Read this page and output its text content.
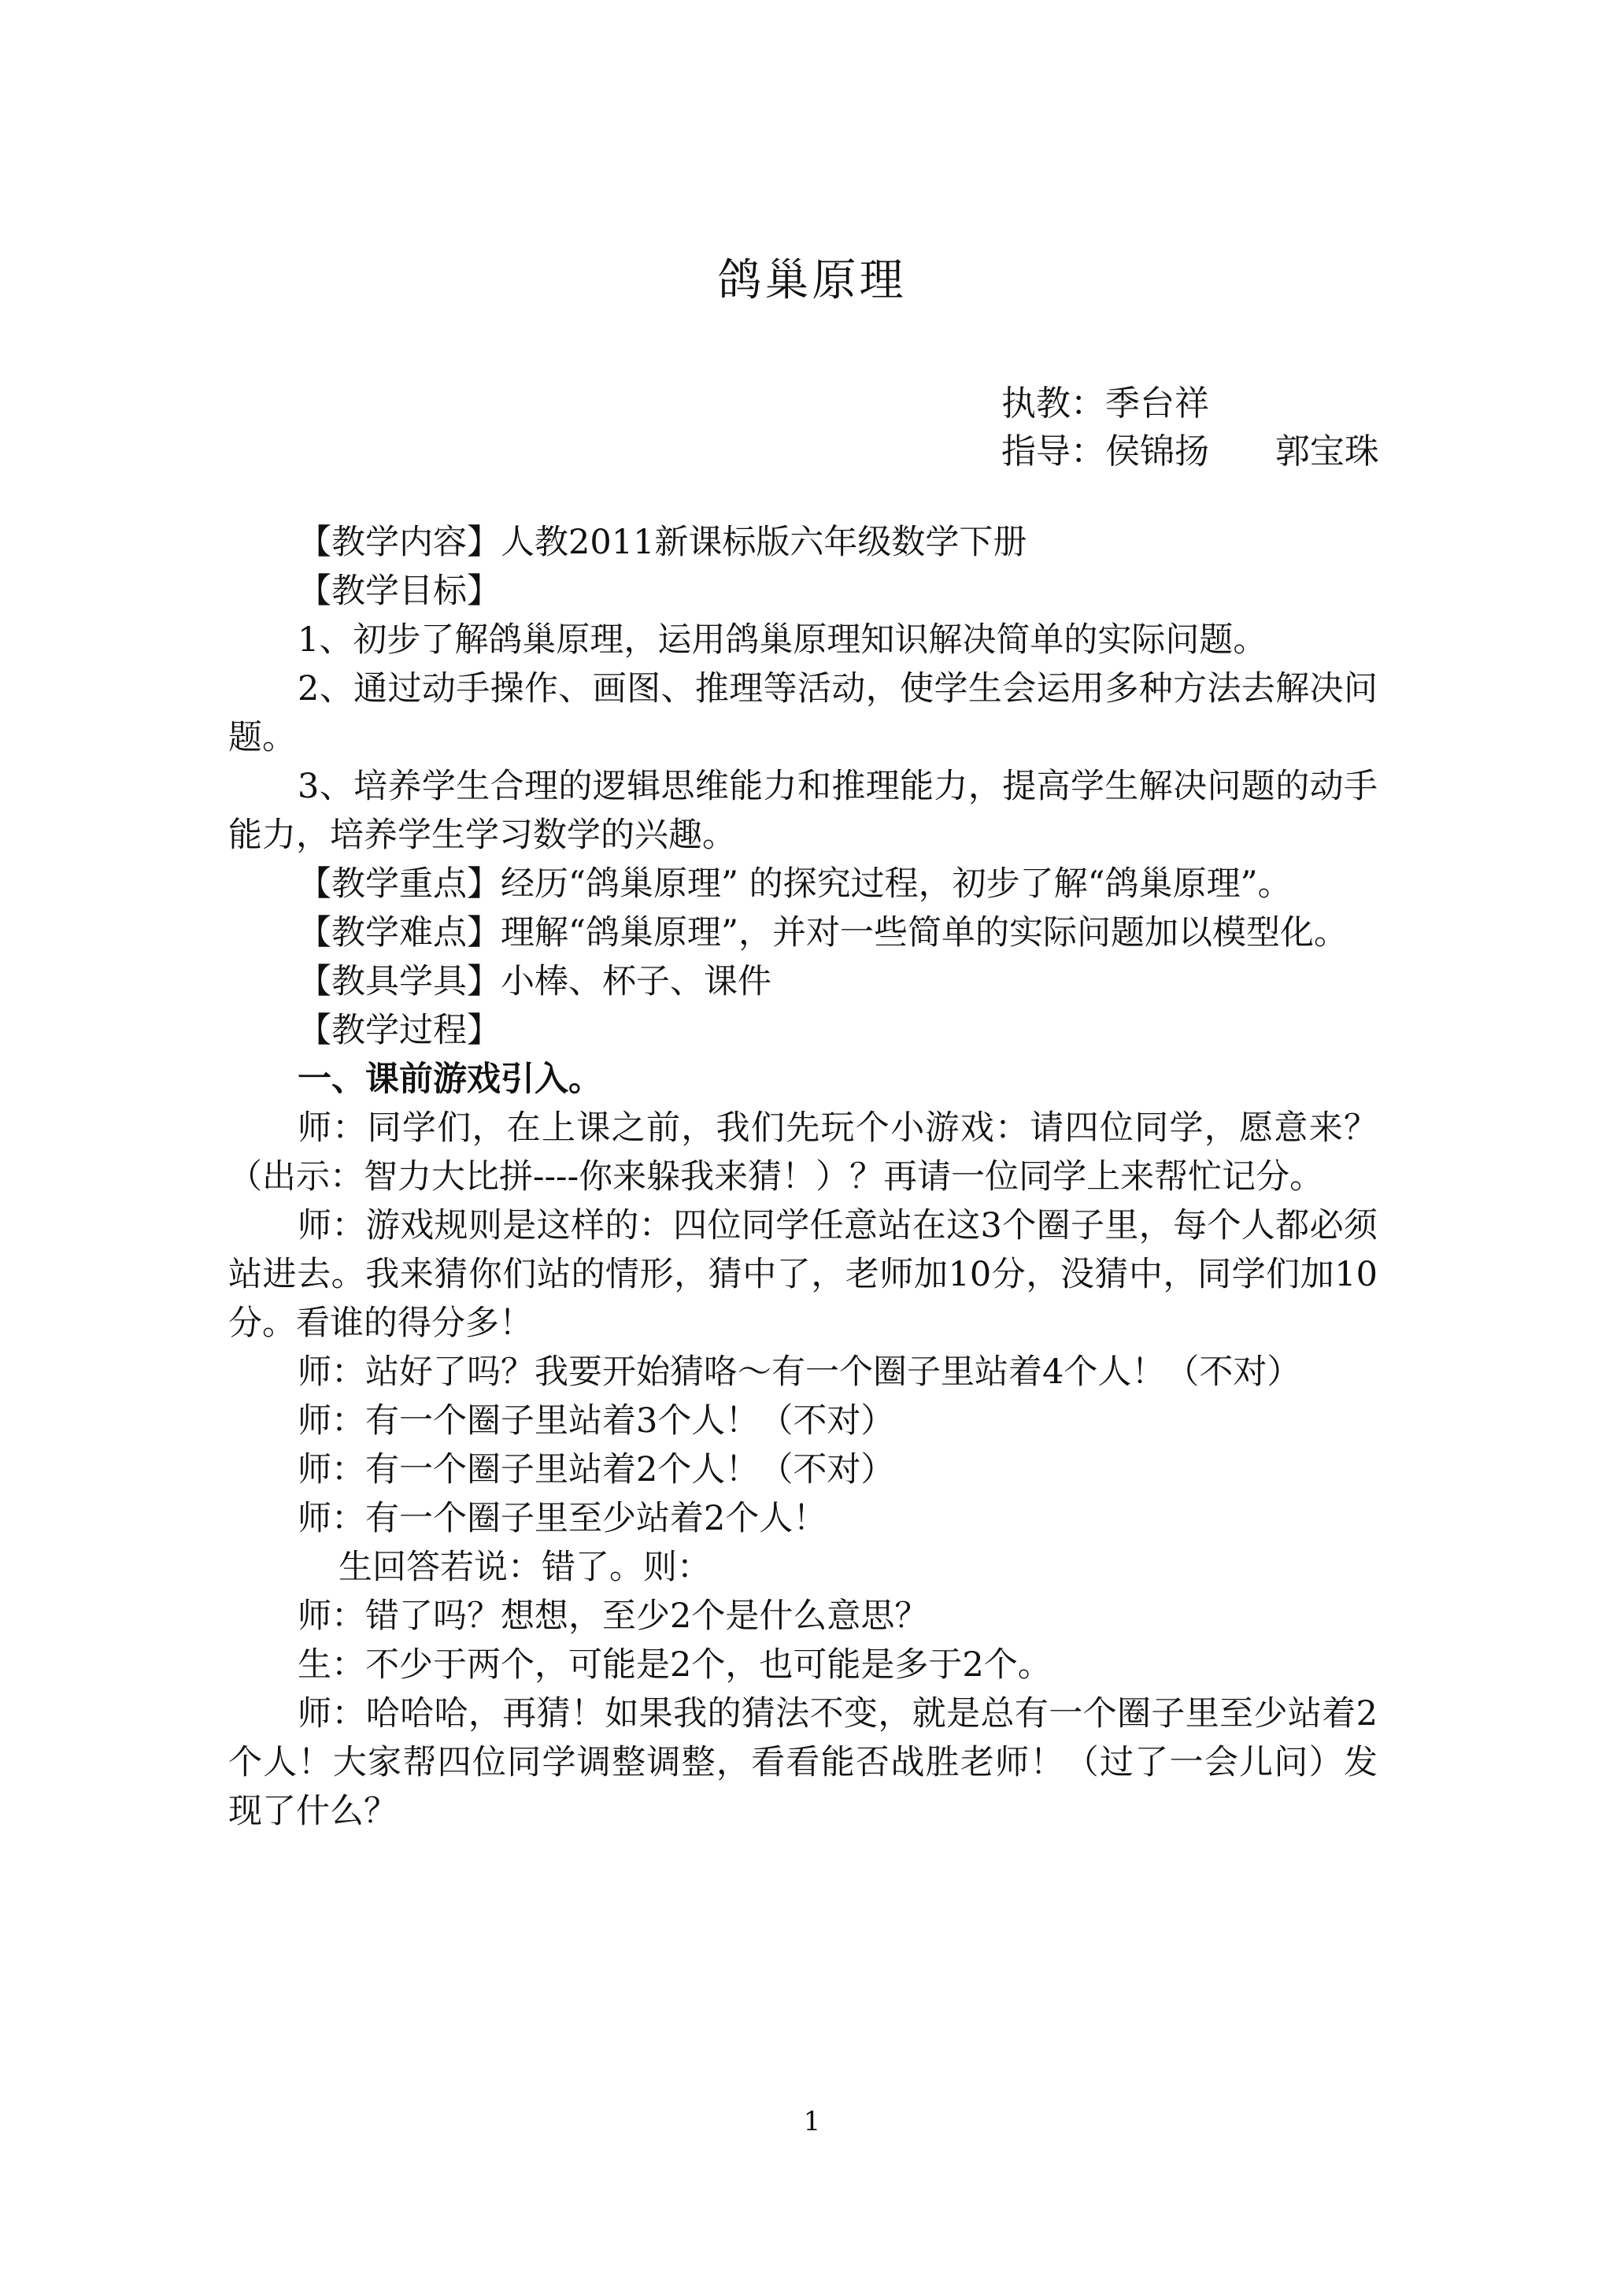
鸽巢原理
执教：季台祥
指导：侯锦扬      郭宝珠

【教学内容】人教2011新课标版六年级数学下册

【教学目标】

1、初步了解鸽巢原理，运用鸽巢原理知识解决简单的实际问题。

2、通过动手操作、画图、推理等活动，使学生会运用多种方法去解决问题。

3、培养学生合理的逻辑思维能力和推理能力，提高学生解决问题的动手能力，培养学生学习数学的兴趣。

【教学重点】经历“鸽巢原理” 的探究过程，初步了解“鸽巢原理”。

【教学难点】理解“鸽巢原理”，并对一些简单的实际问题加以模型化。

【教具学具】小棒、杯子、课件

【教学过程】

一、课前游戏引入。

师：同学们，在上课之前，我们先玩个小游戏：请四位同学，愿意来？（出示：智力大比拼----你来躲我来猜！）？再请一位同学上来帮忙记分。

师：游戏规则是这样的：四位同学任意站在这3个圈子里，每个人都必须站进去。我来猜你们站的情形，猜中了，老师加10分，没猜中，同学们加10分。看谁的得分多！

师：站好了吗？我要开始猜咯～有一个圈子里站着4个人！（不对）

师：有一个圈子里站着3个人！（不对）

师：有一个圈子里站着2个人！（不对）

师：有一个圈子里至少站着2个人！

生回答若说：错了。则：

师：错了吗？想想，至少2个是什么意思？

生：不少于两个，可能是2个，也可能是多于2个。

师：哈哈哈，再猜！如果我的猜法不变，就是总有一个圈子里至少站着2个人！大家帮四位同学调整调整，看看能否战胜老师！（过了一会儿问）发现了什么？

1
